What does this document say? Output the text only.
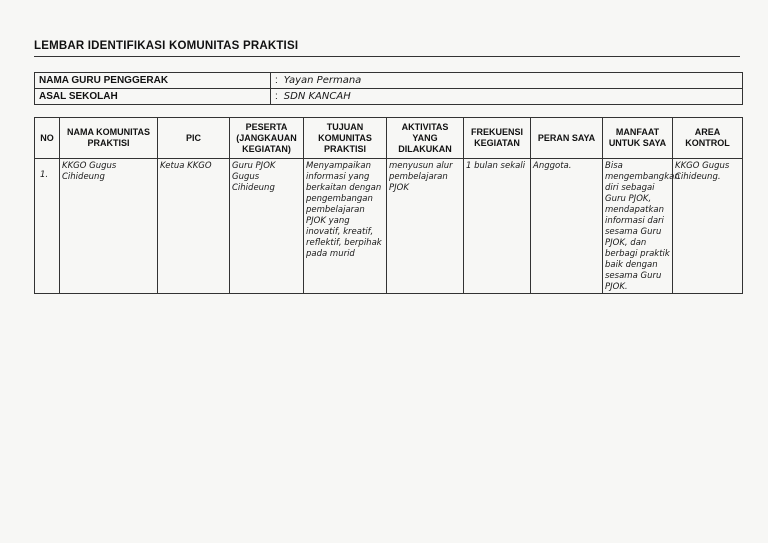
LEMBAR IDENTIFIKASI KOMUNITAS PRAKTISI
NAMA GURU PENGGERAK	: Yayan Permana
ASAL SEKOLAH	: SDN KANCAH
NO	NAMA KOMUNITAS PRAKTISI	PIC	PESERTA (JANGKAUAN KEGIATAN)	TUJUAN KOMUNITAS PRAKTISI	AKTIVITAS YANG DILAKUKAN	FREKUENSI KEGIATAN	PERAN SAYA	MANFAAT UNTUK SAYA	AREA KONTROL
1.	KKGO Gugus Cihideung	Ketua KKGO	Guru PJOK Gugus Cihideung	Menyampaikan informasi yang berkaitan dengan pengembangan pembelajaran PJOK yang inovatif, kreatif, reflektif, berpihak pada murid	menyusun alur pembelajaran PJOK	1 bulan sekali	Anggota.	Bisa mengembangkan diri sebagai Guru PJOK, mendapatkan informasi dari sesama Guru PJOK, dan berbagi praktik baik dengan sesama Guru PJOK.	KKGO Gugus Cihideung.
